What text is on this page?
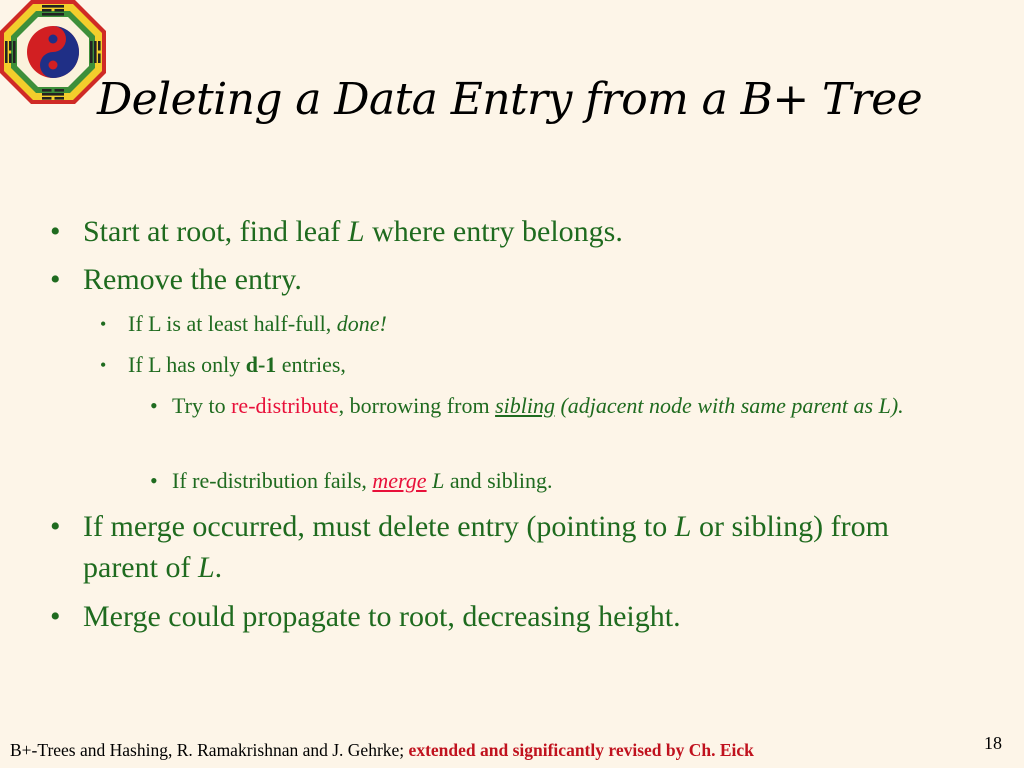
Deleting a Data Entry from a B+ Tree
• Start at root, find leaf L where entry belongs.
• Remove the entry.
• If L is at least half-full, done!
• If L has only d-1 entries,
• Try to re-distribute, borrowing from sibling (adjacent node with same parent as L).
• If re-distribution fails, merge L and sibling.
• If merge occurred, must delete entry (pointing to L or sibling) from parent of L.
• Merge could propagate to root, decreasing height.
B+-Trees and Hashing, R. Ramakrishnan and J. Gehrke; extended and significantly revised by Ch. Eick	18
